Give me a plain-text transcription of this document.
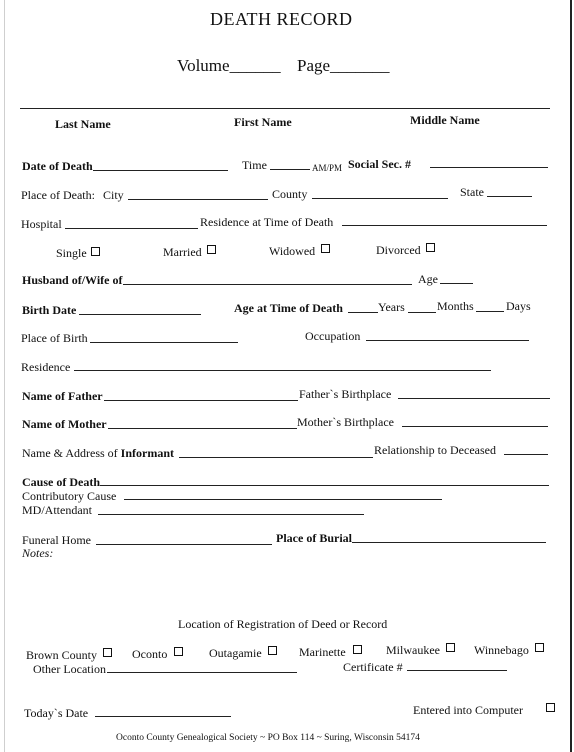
DEATH RECORD
Volume______ Page_______
Last Name	First Name	Middle Name
Date of Death	Time	AM/PM Social Sec. #
Place of Death: City	County	State
Hospital	Residence at Time of Death
Single	Married	Widowed	Divorced
Husband of/Wife of	Age
Birth Date	Age at Time of Death	Years	Months	Days
Place of Birth	Occupation
Residence
Name of Father	Father`s Birthplace
Name of Mother	Mother`s Birthplace
Name & Address of Informant	Relationship to Deceased
Cause of Death
Contributory Cause
MD/Attendant
Funeral Home	Place of Burial
Notes:
Location of Registration of Deed or Record
Brown County	Oconto	Outagamie	Marinette	Milwaukee	Winnebago
Other Location	Certificate #
Today`s Date	Entered into Computer
Oconto County Genealogical Society ~ PO Box 114 ~ Suring, Wisconsin 54174
